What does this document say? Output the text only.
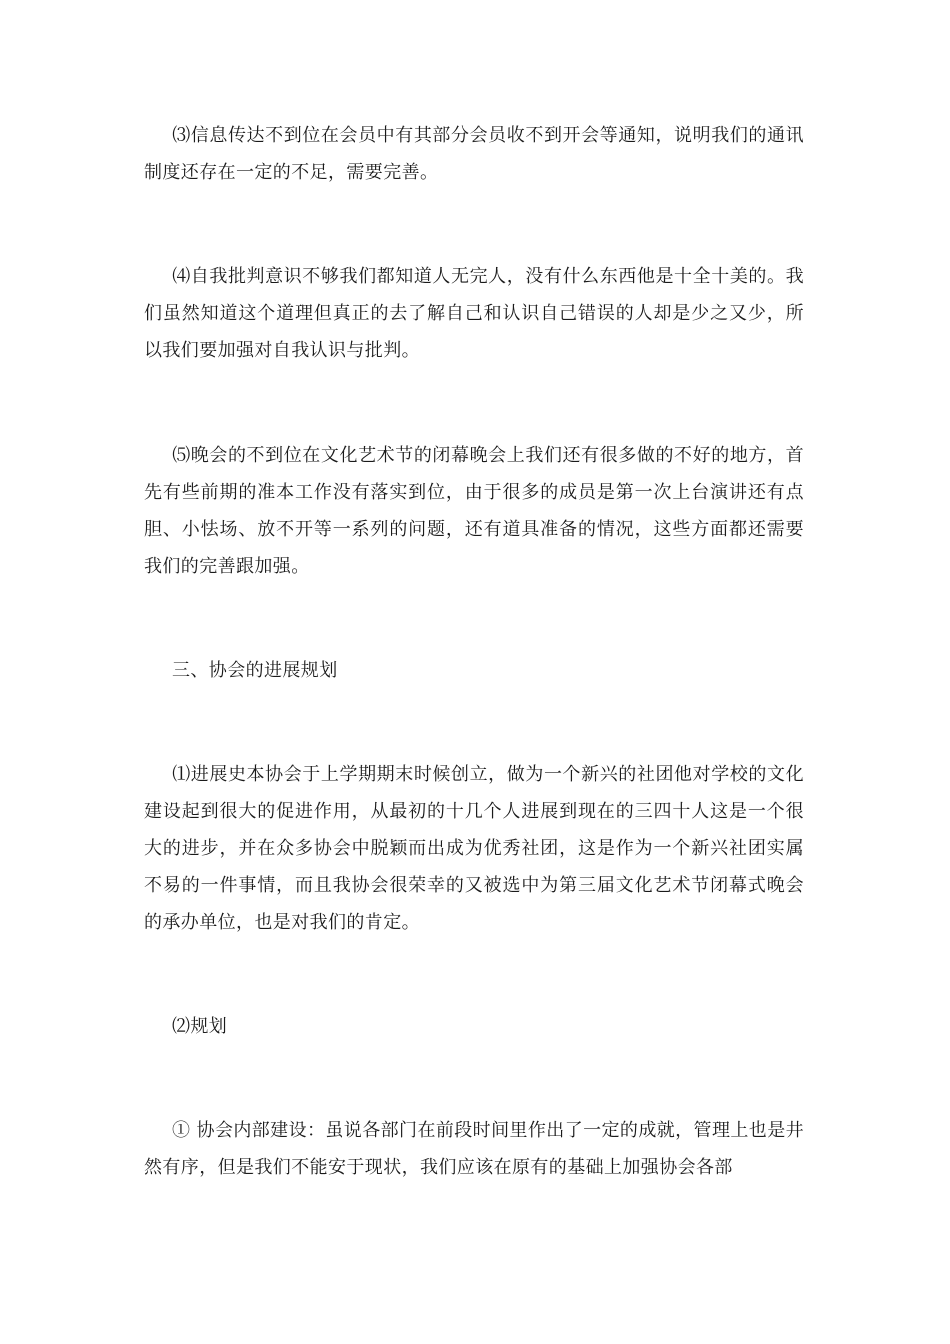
⑶信息传达不到位在会员中有其部分会员收不到开会等通知，说明我们的通讯制度还存在一定的不足，需要完善。

⑷自我批判意识不够我们都知道人无完人，没有什么东西他是十全十美的。我们虽然知道这个道理但真正的去了解自己和认识自己错误的人却是少之又少，所以我们要加强对自我认识与批判。

⑸晚会的不到位在文化艺术节的闭幕晚会上我们还有很多做的不好的地方，首先有些前期的准本工作没有落实到位，由于很多的成员是第一次上台演讲还有点胆、小怯场、放不开等一系列的问题，还有道具准备的情况，这些方面都还需要我们的完善跟加强。

三、协会的进展规划

⑴进展史本协会于上学期期末时候创立，做为一个新兴的社团他对学校的文化建设起到很大的促进作用，从最初的十几个人进展到现在的三四十人这是一个很大的进步，并在众多协会中脱颖而出成为优秀社团，这是作为一个新兴社团实属不易的一件事情，而且我协会很荣幸的又被选中为第三届文化艺术节闭幕式晚会的承办单位，也是对我们的肯定。

⑵规划

① 协会内部建设：虽说各部门在前段时间里作出了一定的成就，管理上也是井然有序，但是我们不能安于现状，我们应该在原有的基础上加强协会各部
